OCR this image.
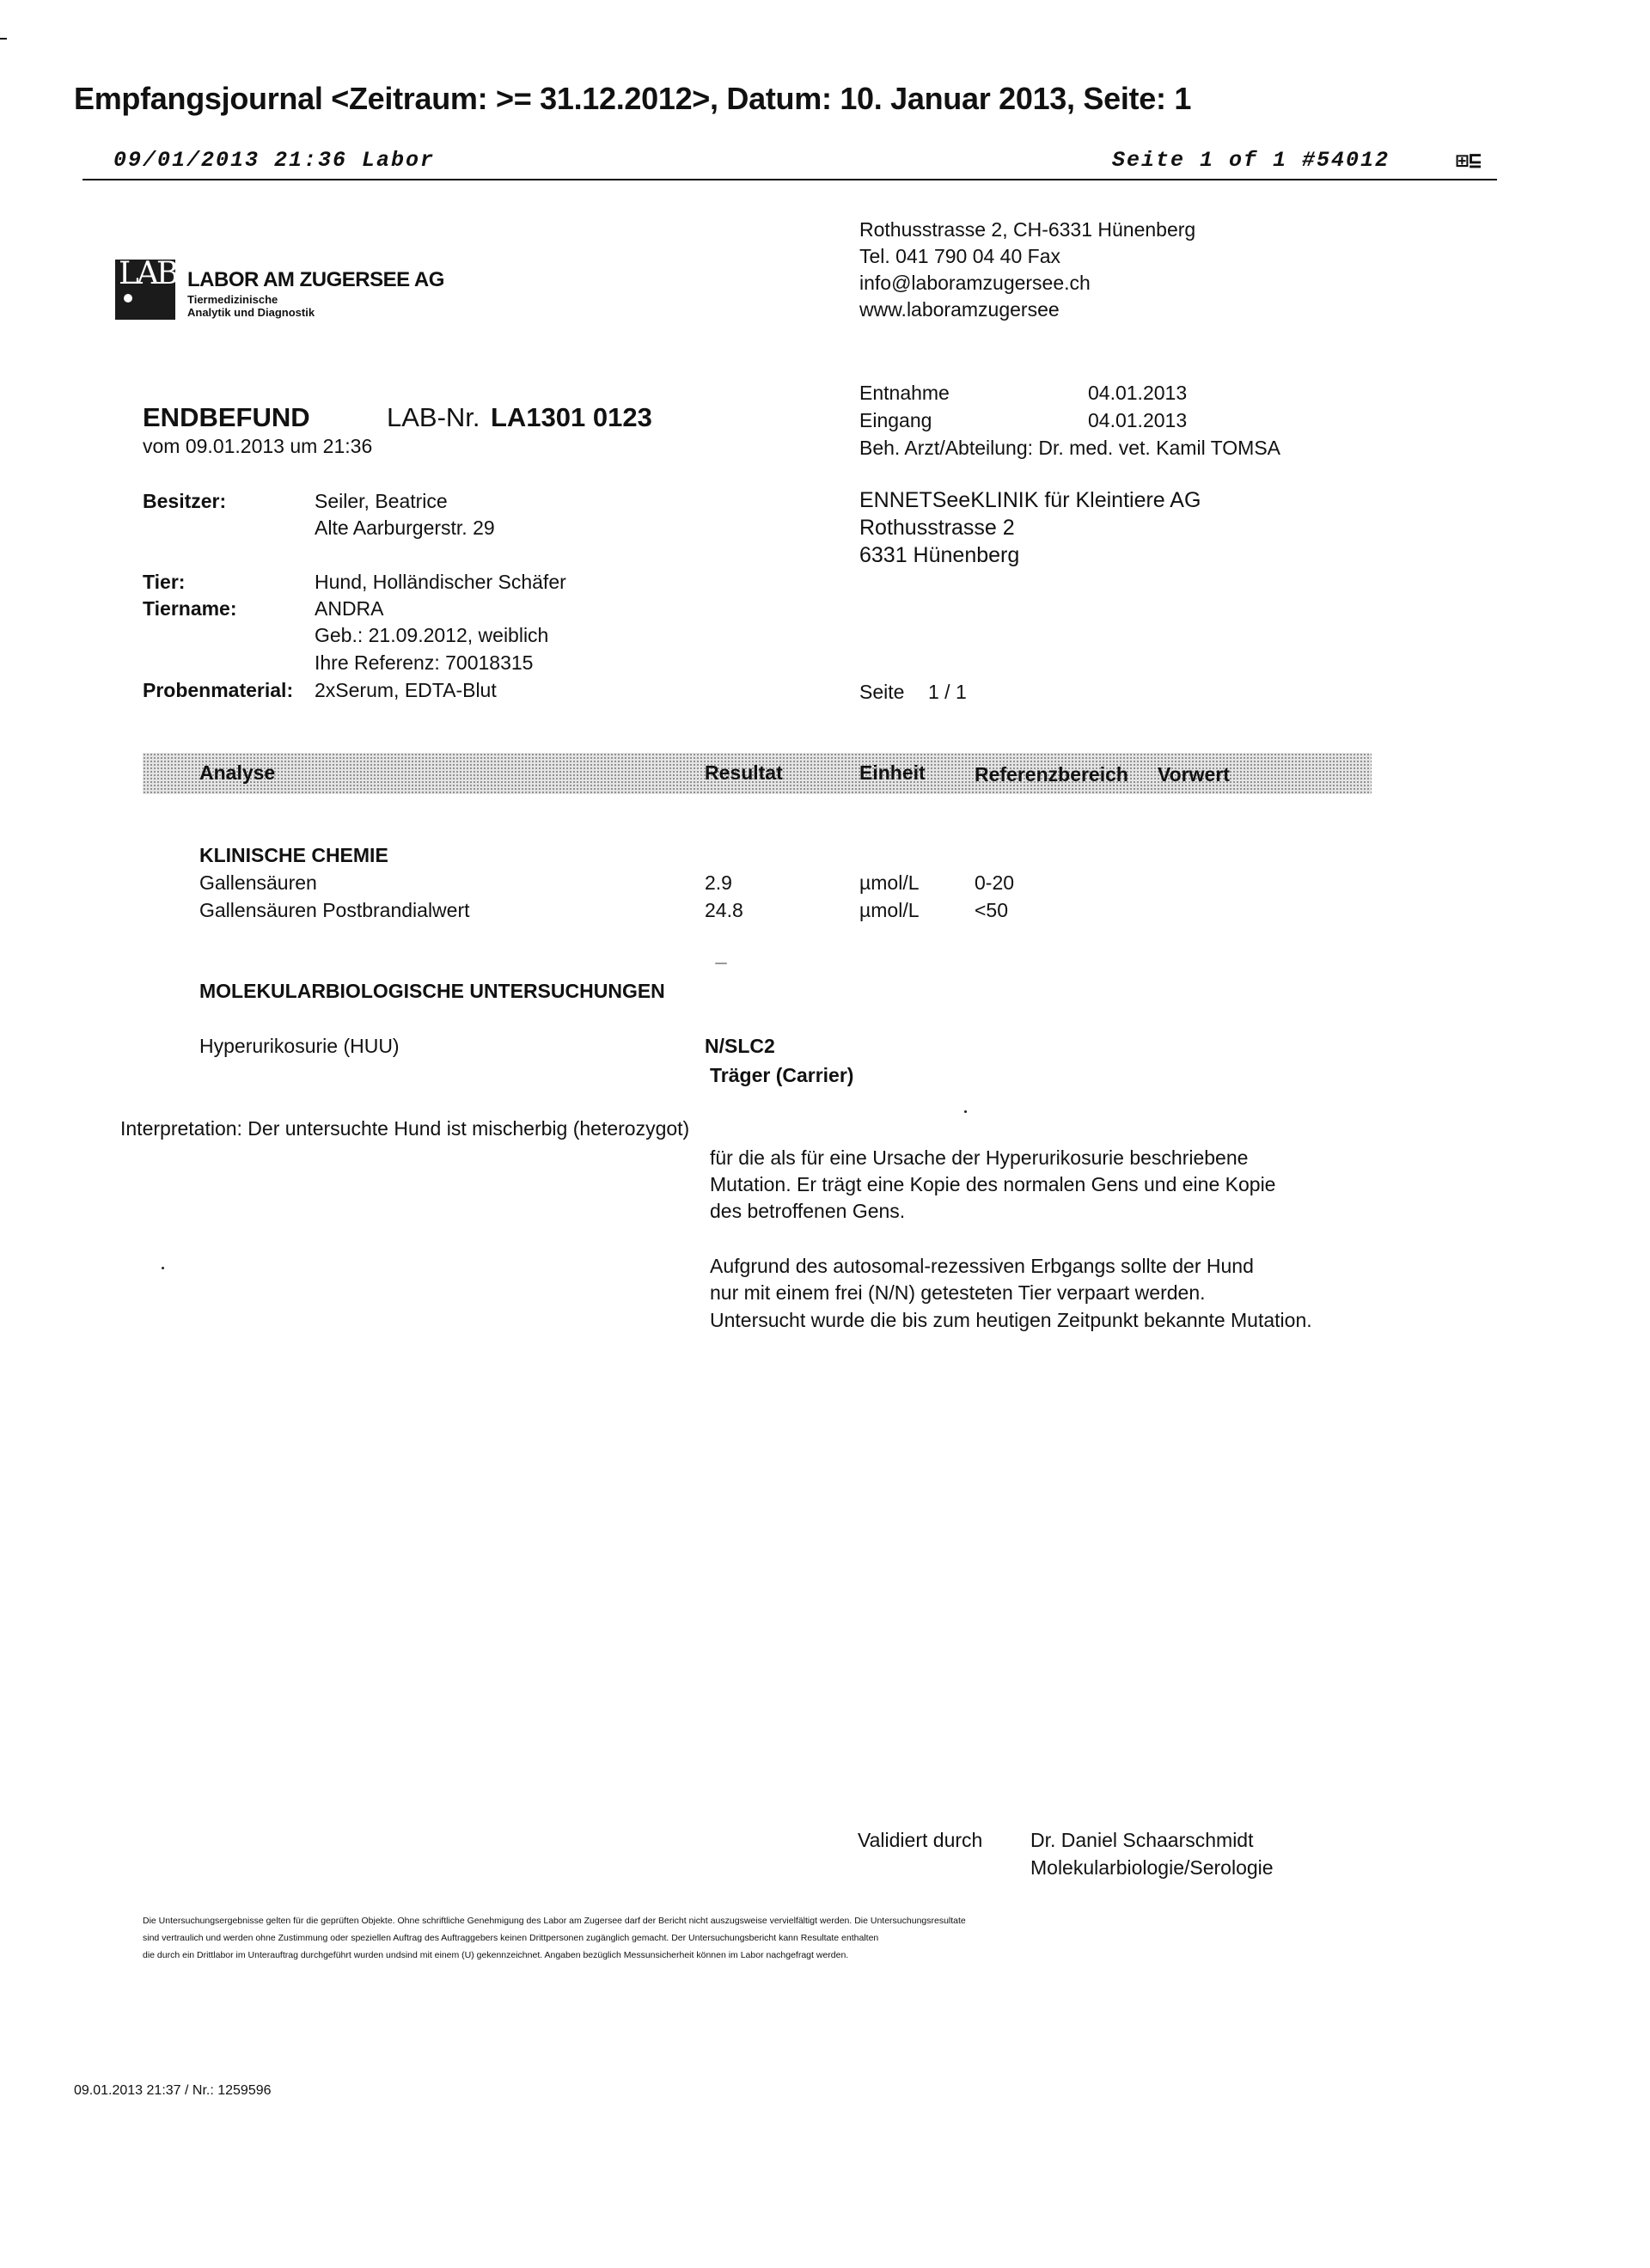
Empfangsjournal <Zeitraum: >= 31.12.2012>, Datum: 10. Januar 2013, Seite: 1
09/01/2013 21:36 Labor	Seite 1 of 1 #54012	⊞⊑
LAB LABOR AM ZUGERSEE AG
Tiermedizinische
Analytik und Diagnostik
Rothusstrasse 2, CH-6331 Hünenberg
Tel. 041 790 04 40 Fax
info@laboramzugersee.ch
www.laboramzugersee
ENDBEFUND	LAB-Nr. LA1301 0123
vom 09.01.2013 um 21:36
Entnahme	04.01.2013
Eingang	04.01.2013
Beh. Arzt/Abteilung: Dr. med. vet. Kamil TOMSA
Besitzer:	Seiler, Beatrice
Alte Aarburgerstr. 29
ENNETSeeKLINIK für Kleintiere AG
Rothusstrasse 2
6331 Hünenberg
Tier:	Hund, Holländischer Schäfer
Tiername:	ANDRA
Geb.: 21.09.2012, weiblich
Ihre Referenz: 70018315
Probenmaterial: 2xSerum, EDTA-Blut	Seite 1 / 1
Analyse	Resultat	Einheit Referenzbereich Vorwert
KLINISCHE CHEMIE
Gallensäuren	2.9	µmol/L	0-20
Gallensäuren Postbrandialwert	24.8	µmol/L	<50
MOLEKULARBIOLOGISCHE UNTERSUCHUNGEN
Hyperurikosurie (HUU)	N/SLC2
Träger (Carrier)
Interpretation: Der untersuchte Hund ist mischerbig (heterozygot)
für die als für eine Ursache der Hyperurikosurie beschriebene
Mutation. Er trägt eine Kopie des normalen Gens und eine Kopie
des betroffenen Gens.
Aufgrund des autosomal-rezessiven Erbgangs sollte der Hund
nur mit einem frei (N/N) getesteten Tier verpaart werden.
Untersucht wurde die bis zum heutigen Zeitpunkt bekannte Mutation.
Validiert durch Dr. Daniel Schaarschmidt
Molekularbiologie/Serologie
Die Untersuchungsergebnisse gelten für die geprüften Objekte. Ohne schriftliche Genehmigung des Labor am Zugersee darf der Bericht nicht auszugsweise vervielfältigt werden. Die Untersuchungsresultate
sind vertraulich und werden ohne Zustimmung oder speziellen Auftrag des Auftraggebers keinen Drittpersonen zugänglich gemacht. Der Untersuchungsbericht kann Resultate enthalten
die durch ein Drittlabor im Unterauftrag durchgeführt wurden undsind mit einem (U) gekennzeichnet. Angaben bezüglich Messunsicherheit können im Labor nachgefragt werden.
09.01.2013 21:37 / Nr.: 1259596
